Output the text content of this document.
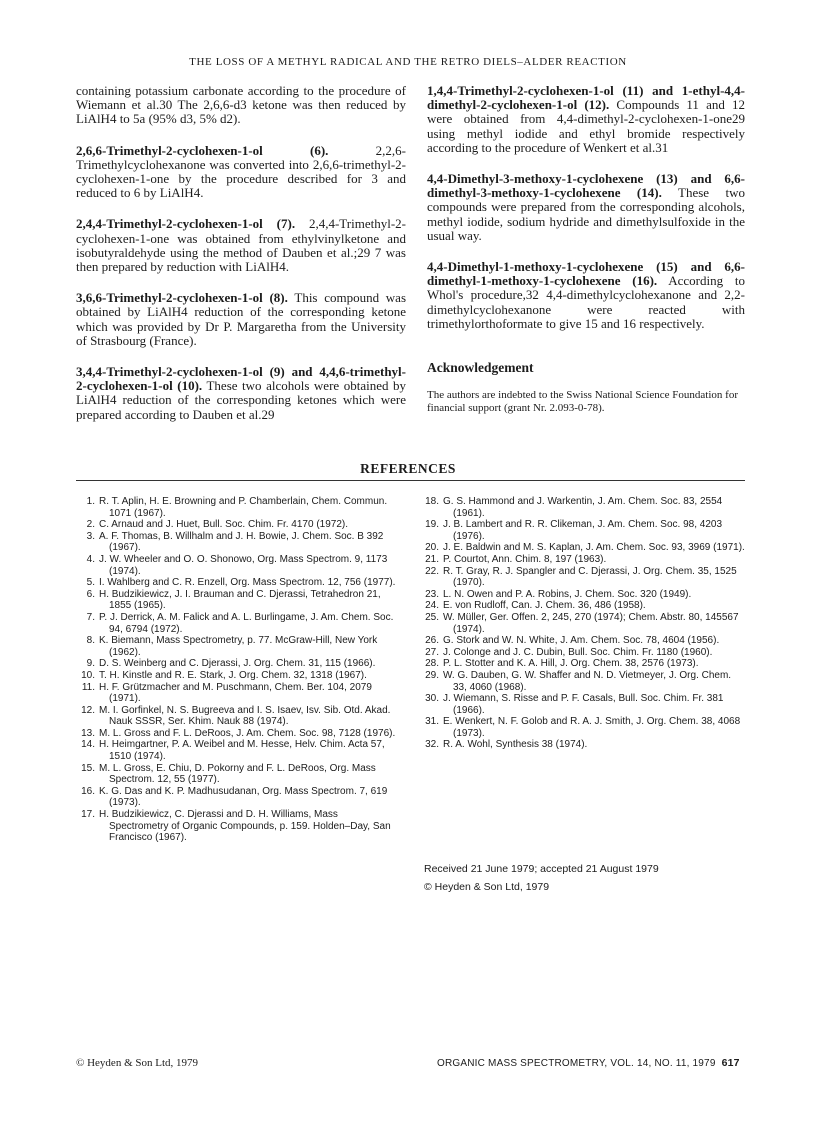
THE LOSS OF A METHYL RADICAL AND THE RETRO DIELS–ALDER REACTION

containing potassium carbonate according to the procedure of Wiemann et al.30 The 2,6,6-d3 ketone was then reduced by LiAlH4 to 5a (95% d3, 5% d2).

2,6,6-Trimethyl-2-cyclohexen-1-ol (6).	2,2,6-Trimethylcyclohexanone was converted into 2,6,6-trimethyl-2-cyclohexen-1-one by the procedure described for 3 and reduced to 6 by LiAlH4.

2,4,4-Trimethyl-2-cyclohexen-1-ol (7). 2,4,4-Trimethyl-2-cyclohexen-1-one was obtained from ethylvinylketone and isobutyraldehyde using the method of Dauben et al.;29 7 was then prepared by reduction with LiAlH4.

3,6,6-Trimethyl-2-cyclohexen-1-ol (8). This compound was obtained by LiAlH4 reduction of the corresponding ketone which was provided by Dr P. Margaretha from the University of Strasbourg (France).

3,4,4-Trimethyl-2-cyclohexen-1-ol (9) and 4,4,6-trimethyl-2-cyclohexen-1-ol (10). These two alcohols were obtained by LiAlH4 reduction of the corresponding ketones which were prepared according to Dauben et al.29

1,4,4-Trimethyl-2-cyclohexen-1-ol (11) and 1-ethyl-4,4-dimethyl-2-cyclohexen-1-ol (12). Compounds 11 and 12 were obtained from 4,4-dimethyl-2-cyclohexen-1-one29 using methyl iodide and ethyl bromide respectively according to the procedure of Wenkert et al.31

4,4-Dimethyl-3-methoxy-1-cyclohexene (13) and 6,6-dimethyl-3-methoxy-1-cyclohexene (14). These two compounds were prepared from the corresponding alcohols, methyl iodide, sodium hydride and dimethylsulfoxide in the usual way.

4,4-Dimethyl-1-methoxy-1-cyclohexene (15) and 6,6-dimethyl-1-methoxy-1-cyclohexene (16). According to Whol's procedure,32 4,4-dimethylcyclohexanone and 2,2-dimethylcyclohexanone were reacted with trimethylorthoformate to give 15 and 16 respectively.

Acknowledgement

The authors are indebted to the Swiss National Science Foundation for financial support (grant Nr. 2.093-0-78).

REFERENCES
1. R. T. Aplin, H. E. Browning and P. Chamberlain, Chem. Commun. 1071 (1967).
2. C. Arnaud and J. Huet, Bull. Soc. Chim. Fr. 4170 (1972).
3. A. F. Thomas, B. Willhalm and J. H. Bowie, J. Chem. Soc. B 392 (1967).
4. J. W. Wheeler and O. O. Shonowo, Org. Mass Spectrom. 9, 1173 (1974).
5. I. Wahlberg and C. R. Enzell, Org. Mass Spectrom. 12, 756 (1977).
6. H. Budzikiewicz, J. I. Brauman and C. Djerassi, Tetrahedron 21, 1855 (1965).
7. P. J. Derrick, A. M. Falick and A. L. Burlingame, J. Am. Chem. Soc. 94, 6794 (1972).
8. K. Biemann, Mass Spectrometry, p. 77. McGraw-Hill, New York (1962).
9. D. S. Weinberg and C. Djerassi, J. Org. Chem. 31, 115 (1966).
10. T. H. Kinstle and R. E. Stark, J. Org. Chem. 32, 1318 (1967).
11. H. F. Grützmacher and M. Puschmann, Chem. Ber. 104, 2079 (1971).
12. M. I. Gorfinkel, N. S. Bugreeva and I. S. Isaev, Isv. Sib. Otd. Akad. Nauk SSSR, Ser. Khim. Nauk 88 (1974).
13. M. L. Gross and F. L. DeRoos, J. Am. Chem. Soc. 98, 7128 (1976).
14. H. Heimgartner, P. A. Weibel and M. Hesse, Helv. Chim. Acta 57, 1510 (1974).
15. M. L. Gross, E. Chiu, D. Pokorny and F. L. DeRoos, Org. Mass Spectrom. 12, 55 (1977).
16. K. G. Das and K. P. Madhusudanan, Org. Mass Spectrom. 7, 619 (1973).
17. H. Budzikiewicz, C. Djerassi and D. H. Williams, Mass Spectrometry of Organic Compounds, p. 159. Holden–Day, San Francisco (1967).
18. G. S. Hammond and J. Warkentin, J. Am. Chem. Soc. 83, 2554 (1961).
19. J. B. Lambert and R. R. Clikeman, J. Am. Chem. Soc. 98, 4203 (1976).
20. J. E. Baldwin and M. S. Kaplan, J. Am. Chem. Soc. 93, 3969 (1971).
21. P. Courtot, Ann. Chim. 8, 197 (1963).
22. R. T. Gray, R. J. Spangler and C. Djerassi, J. Org. Chem. 35, 1525 (1970).
23. L. N. Owen and P. A. Robins, J. Chem. Soc. 320 (1949).
24. E. von Rudloff, Can. J. Chem. 36, 486 (1958).
25. W. Müller, Ger. Offen. 2, 245, 270 (1974); Chem. Abstr. 80, 145567 (1974).
26. G. Stork and W. N. White, J. Am. Chem. Soc. 78, 4604 (1956).
27. J. Colonge and J. C. Dubin, Bull. Soc. Chim. Fr. 1180 (1960).
28. P. L. Stotter and K. A. Hill, J. Org. Chem. 38, 2576 (1973).
29. W. G. Dauben, G. W. Shaffer and N. D. Vietmeyer, J. Org. Chem. 33, 4060 (1968).
30. J. Wiemann, S. Risse and P. F. Casals, Bull. Soc. Chim. Fr. 381 (1966).
31. E. Wenkert, N. F. Golob and R. A. J. Smith, J. Org. Chem. 38, 4068 (1973).
32. R. A. Wohl, Synthesis 38 (1974).
Received 21 June 1979; accepted 21 August 1979
© Heyden & Son Ltd, 1979
© Heyden & Son Ltd, 1979	ORGANIC MASS SPECTROMETRY, VOL. 14, NO. 11, 1979 617
